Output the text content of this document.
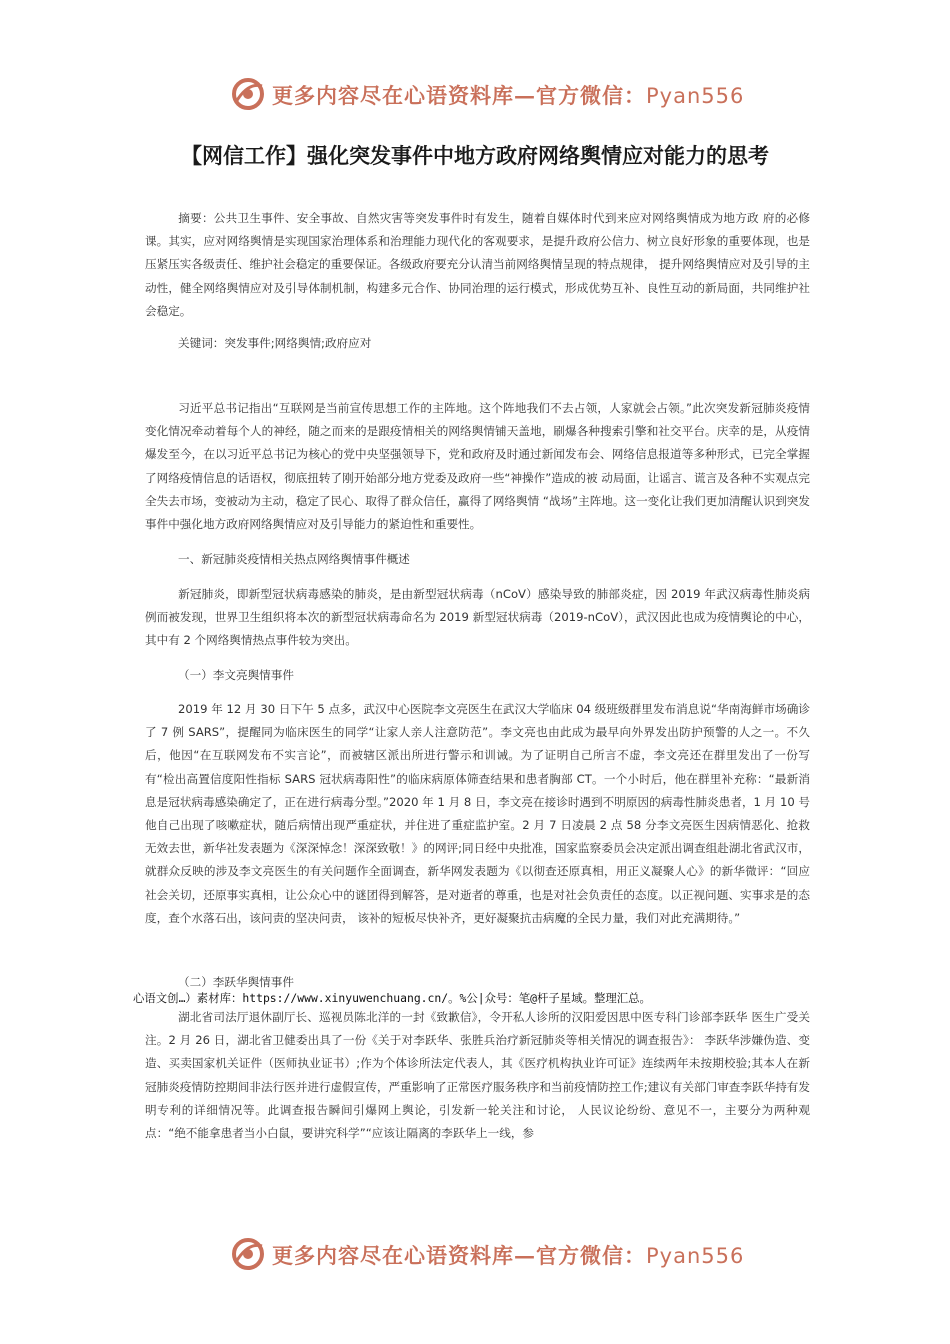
更多内容尽在心语资料库—官方微信：Pyan556
【网信工作】强化突发事件中地方政府网络舆情应对能力的思考
摘要：公共卫生事件、安全事故、自然灾害等突发事件时有发生，随着自媒体时代到来应对网络舆情成为地方政 府的必修课。其实，应对网络舆情是实现国家治理体系和治理能力现代化的客观要求，是提升政府公信力、树立良好形象的重要体现，也是压紧压实各级责任、维护社会稳定的重要保证。各级政府要充分认清当前网络舆情呈现的特点规律， 提升网络舆情应对及引导的主动性，健全网络舆情应对及引导体制机制，构建多元合作、协同治理的运行模式，形成优势互补、良性互动的新局面，共同维护社会稳定。
关键词：突发事件;网络舆情;政府应对
习近平总书记指出“互联网是当前宣传思想工作的主阵地。这个阵地我们不去占领，人家就会占领。”此次突发新冠肺炎疫情变化情况牵动着每个人的神经，随之而来的是跟疫情相关的网络舆情铺天盖地，刷爆各种搜索引擎和社交平台。庆幸的是，从疫情爆发至今，在以习近平总书记为核心的党中央坚强领导下，党和政府及时通过新闻发布会、网络信息报道等多种形式，已完全掌握了网络疫情信息的话语权，彻底扭转了刚开始部分地方党委及政府一些“神操作”造成的被 动局面，让谣言、谎言及各种不实观点完全失去市场，变被动为主动，稳定了民心、取得了群众信任，赢得了网络舆情 “战场”主阵地。这一变化让我们更加清醒认识到突发事件中强化地方政府网络舆情应对及引导能力的紧迫性和重要性。
一、新冠肺炎疫情相关热点网络舆情事件概述
新冠肺炎，即新型冠状病毒感染的肺炎，是由新型冠状病毒（nCoV）感染导致的肺部炎症，因 2019 年武汉病毒性肺炎病例而被发现，世界卫生组织将本次的新型冠状病毒命名为 2019 新型冠状病毒（2019-nCoV），武汉因此也成为疫情舆论的中心，其中有 2 个网络舆情热点事件较为突出。
（一）李文亮舆情事件
2019 年 12 月 30 日下午 5 点多，武汉中心医院李文亮医生在武汉大学临床 04 级班级群里发布消息说“华南海鲜市场确诊了 7 例 SARS”，提醒同为临床医生的同学“让家人亲人注意防范”。李文亮也由此成为最早向外界发出防护预警的人之一。不久后，他因“在互联网发布不实言论”，而被辖区派出所进行警示和训诫。为了证明自己所言不虚，李文亮还在群里发出了一份写有“检出高置信度阳性指标 SARS 冠状病毒阳性”的临床病原体筛查结果和患者胸部 CT。一个小时后，他在群里补充称：“最新消息是冠状病毒感染确定了，正在进行病毒分型。”2020 年 1 月 8 日，李文亮在接诊时遇到不明原因的病毒性肺炎患者，1 月 10 号他自己出现了咳嗽症状，随后病情出现严重症状，并住进了重症监护室。2 月 7 日凌晨 2 点 58 分李文亮医生因病情恶化、抢救无效去世，新华社发表题为《深深悼念！深深致敬！》的网评;同日经中央批准，国家监察委员会决定派出调查组赴湖北省武汉市，就群众反映的涉及李文亮医生的有关问题作全面调查，新华网发表题为《以彻查还原真相，用正义凝聚人心》的新华微评：“回应社会关切，还原事实真相，让公众心中的谜团得到解答，是对逝者的尊重，也是对社会负责任的态度。以正视问题、实事求是的态度，查个水落石出，该问责的坚决问责， 该补的短板尽快补齐，更好凝聚抗击病魔的全民力量，我们对此充满期待。”
（二）李跃华舆情事件
心语文创…）素材库：https://www.xinyuwenchuang.cn/。%公|众号：笔@杆子星域。整理汇总。
湖北省司法厅退休副厅长、巡视员陈北洋的一封《致歉信》，令开私人诊所的汉阳爱因思中医专科门诊部李跃华 医生广受关注。2 月 26 日，湖北省卫健委出具了一份《关于对李跃华、张胜兵治疗新冠肺炎等相关情况的调查报告》： 李跃华涉嫌伪造、变造、买卖国家机关证件（医师执业证书）;作为个体诊所法定代表人，其《医疗机构执业许可证》连续两年未按期校验;其本人在新冠肺炎疫情防控期间非法行医并进行虚假宣传，严重影响了正常医疗服务秩序和当前疫情防控工作;建议有关部门审查李跃华持有发明专利的详细情况等。此调查报告瞬间引爆网上舆论，引发新一轮关注和讨论， 人民议论纷纷、意见不一，主要分为两种观点：“绝不能拿患者当小白鼠，要讲究科学”“应该让隔离的李跃华上一线，参
更多内容尽在心语资料库—官方微信：Pyan556
